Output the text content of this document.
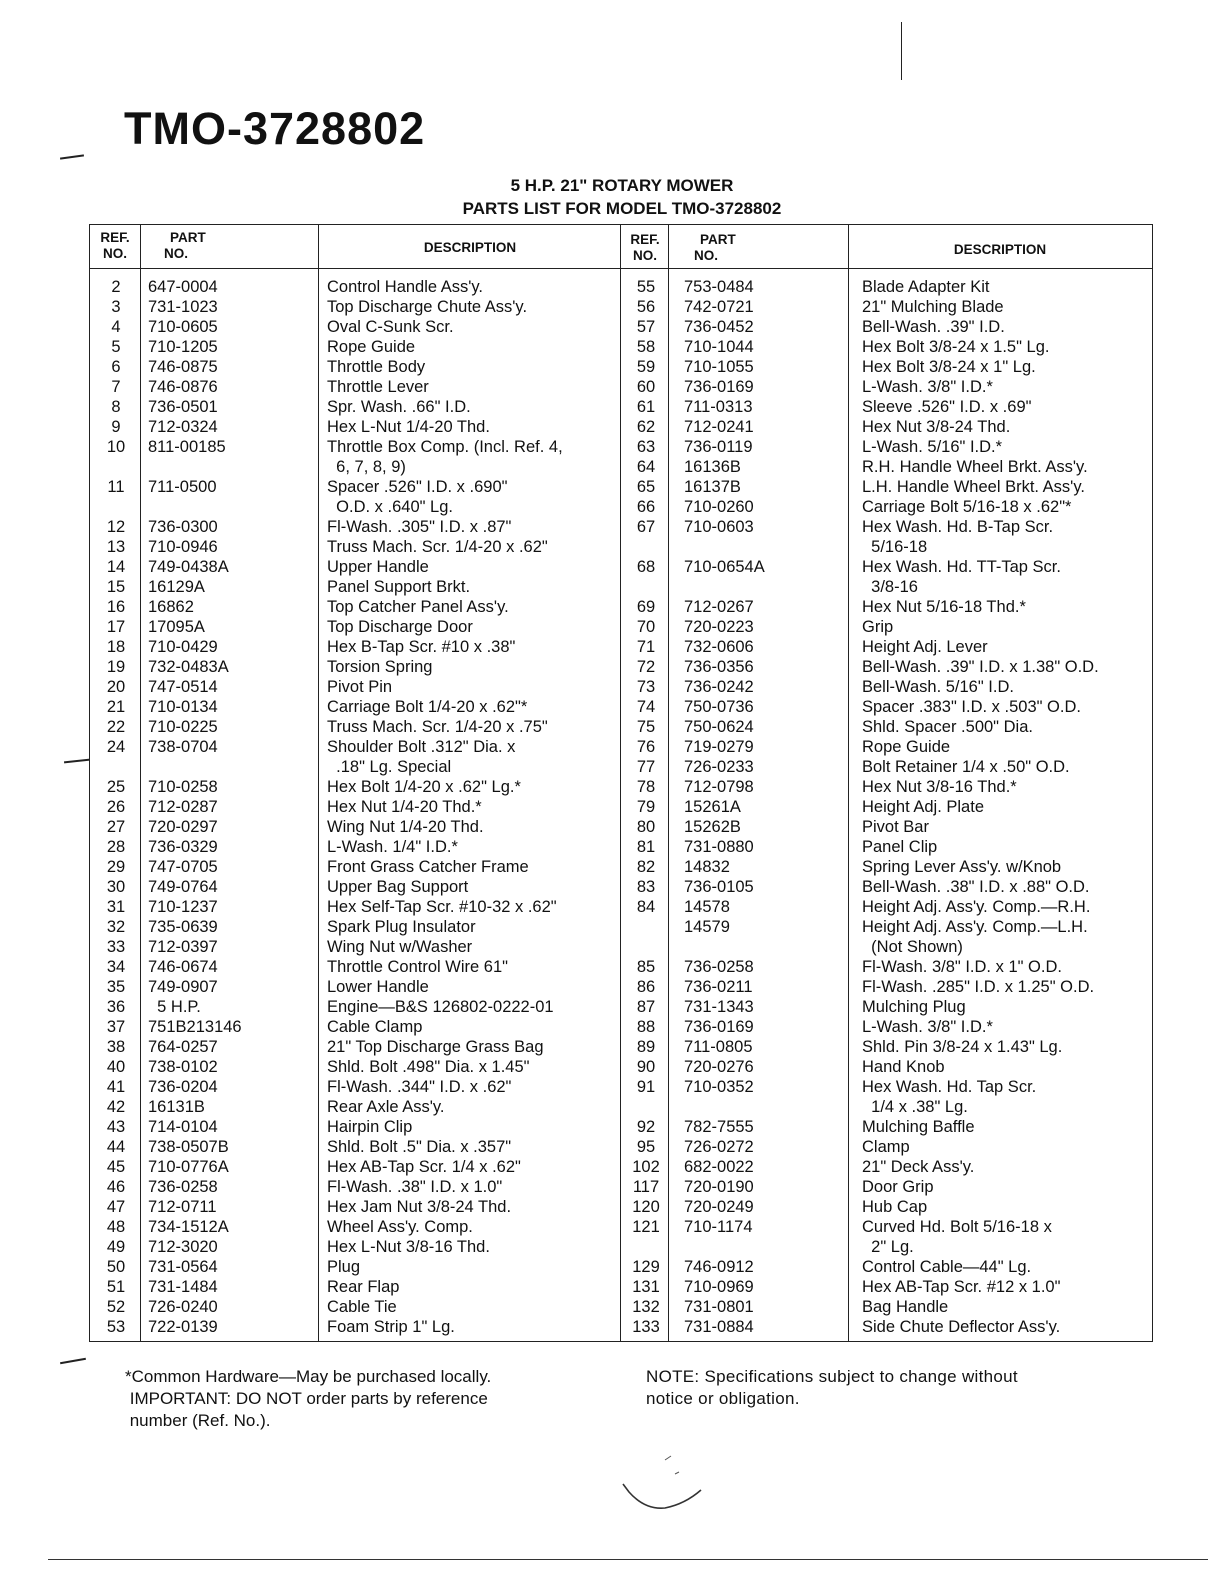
TMO-3728802
5 H.P. 21" ROTARY MOWER
PARTS LIST FOR MODEL TMO-3728802
REF.
NO.
PART
NO.	DESCRIPTION
REF.
NO.
PART
NO.	DESCRIPTION
2	647-0004	Control Handle Ass'y.
3	731-1023	Top Discharge Chute Ass'y.
4	710-0605	Oval C-Sunk Scr.
5	710-1205	Rope Guide
6	746-0875	Throttle Body
7	746-0876	Throttle Lever
8	736-0501	Spr. Wash. .66" I.D.
9	712-0324	Hex L-Nut 1/4-20 Thd.
10	811-00185	Throttle Box Comp. (Incl. Ref. 4,
6, 7, 8, 9)
11	711-0500	Spacer .526" I.D. x .690"
O.D. x .640" Lg.
12	736-0300	Fl-Wash. .305" I.D. x .87"
13	710-0946	Truss Mach. Scr. 1/4-20 x .62"
14	749-0438A	Upper Handle
15	16129A	Panel Support Brkt.
16	16862	Top Catcher Panel Ass'y.
17	17095A	Top Discharge Door
18	710-0429	Hex B-Tap Scr. #10 x .38"
19	732-0483A	Torsion Spring
20	747-0514	Pivot Pin
21	710-0134	Carriage Bolt 1/4-20 x .62"*
22	710-0225	Truss Mach. Scr. 1/4-20 x .75"
24	738-0704	Shoulder Bolt .312" Dia. x
.18" Lg. Special
25	710-0258	Hex Bolt 1/4-20 x .62" Lg.*
26	712-0287	Hex Nut 1/4-20 Thd.*
27	720-0297	Wing Nut 1/4-20 Thd.
28	736-0329	L-Wash. 1/4" I.D.*
29	747-0705	Front Grass Catcher Frame
30	749-0764	Upper Bag Support
31	710-1237	Hex Self-Tap Scr. #10-32 x .62"
32	735-0639	Spark Plug Insulator
33	712-0397	Wing Nut w/Washer
34	746-0674	Throttle Control Wire 61"
35	749-0907	Lower Handle
36	5 H.P.	Engine—B&S 126802-0222-01
37	751B213146	Cable Clamp
38	764-0257	21" Top Discharge Grass Bag
40	738-0102	Shld. Bolt .498" Dia. x 1.45"
41	736-0204	Fl-Wash. .344" I.D. x .62"
42	16131B	Rear Axle Ass'y.
43	714-0104	Hairpin Clip
44	738-0507B	Shld. Bolt .5" Dia. x .357"
45	710-0776A	Hex AB-Tap Scr. 1/4 x .62"
46	736-0258	Fl-Wash. .38" I.D. x 1.0"
47	712-0711	Hex Jam Nut 3/8-24 Thd.
48	734-1512A	Wheel Ass'y. Comp.
49	712-3020	Hex L-Nut 3/8-16 Thd.
50	731-0564	Plug
51	731-1484	Rear Flap
52	726-0240	Cable Tie
53	722-0139	Foam Strip 1" Lg.
55	753-0484	Blade Adapter Kit
56	742-0721	21" Mulching Blade
57	736-0452	Bell-Wash. .39" I.D.
58	710-1044	Hex Bolt 3/8-24 x 1.5" Lg.
59	710-1055	Hex Bolt 3/8-24 x 1" Lg.
60	736-0169	L-Wash. 3/8" I.D.*
61	711-0313	Sleeve .526" I.D. x .69"
62	712-0241	Hex Nut 3/8-24 Thd.
63	736-0119	L-Wash. 5/16" I.D.*
64	16136B	R.H. Handle Wheel Brkt. Ass'y.
65	16137B	L.H. Handle Wheel Brkt. Ass'y.
66	710-0260	Carriage Bolt 5/16-18 x .62"*
67	710-0603	Hex Wash. Hd. B-Tap Scr.
5/16-18
68	710-0654A	Hex Wash. Hd. TT-Tap Scr.
3/8-16
69	712-0267	Hex Nut 5/16-18 Thd.*
70	720-0223	Grip
71	732-0606	Height Adj. Lever
72	736-0356	Bell-Wash. .39" I.D. x 1.38" O.D.
73	736-0242	Bell-Wash. 5/16" I.D.
74	750-0736	Spacer .383" I.D. x .503" O.D.
75	750-0624	Shld. Spacer .500" Dia.
76	719-0279	Rope Guide
77	726-0233	Bolt Retainer 1/4 x .50" O.D.
78	712-0798	Hex Nut 3/8-16 Thd.*
79	15261A	Height Adj. Plate
80	15262B	Pivot Bar
81	731-0880	Panel Clip
82	14832	Spring Lever Ass'y. w/Knob
83	736-0105	Bell-Wash. .38" I.D. x .88" O.D.
84	14578	Height Adj. Ass'y. Comp.—R.H.
14579	Height Adj. Ass'y. Comp.—L.H.
(Not Shown)
85	736-0258	Fl-Wash. 3/8" I.D. x 1" O.D.
86	736-0211	Fl-Wash. .285" I.D. x 1.25" O.D.
87	731-1343	Mulching Plug
88	736-0169	L-Wash. 3/8" I.D.*
89	711-0805	Shld. Pin 3/8-24 x 1.43" Lg.
90	720-0276	Hand Knob
91	710-0352	Hex Wash. Hd. Tap Scr.
1/4 x .38" Lg.
92	782-7555	Mulching Baffle
95	726-0272	Clamp
102	682-0022	21" Deck Ass'y.
117	720-0190	Door Grip
120	720-0249	Hub Cap
121	710-1174	Curved Hd. Bolt 5/16-18 x
2" Lg.
129	746-0912	Control Cable—44" Lg.
131	710-0969	Hex AB-Tap Scr. #12 x 1.0"
132	731-0801	Bag Handle
133	731-0884	Side Chute Deflector Ass'y.
*Common Hardware—May be purchased locally.
IMPORTANT: DO NOT order parts by reference
number (Ref. No.).
NOTE: Specifications subject to change without
notice or obligation.
